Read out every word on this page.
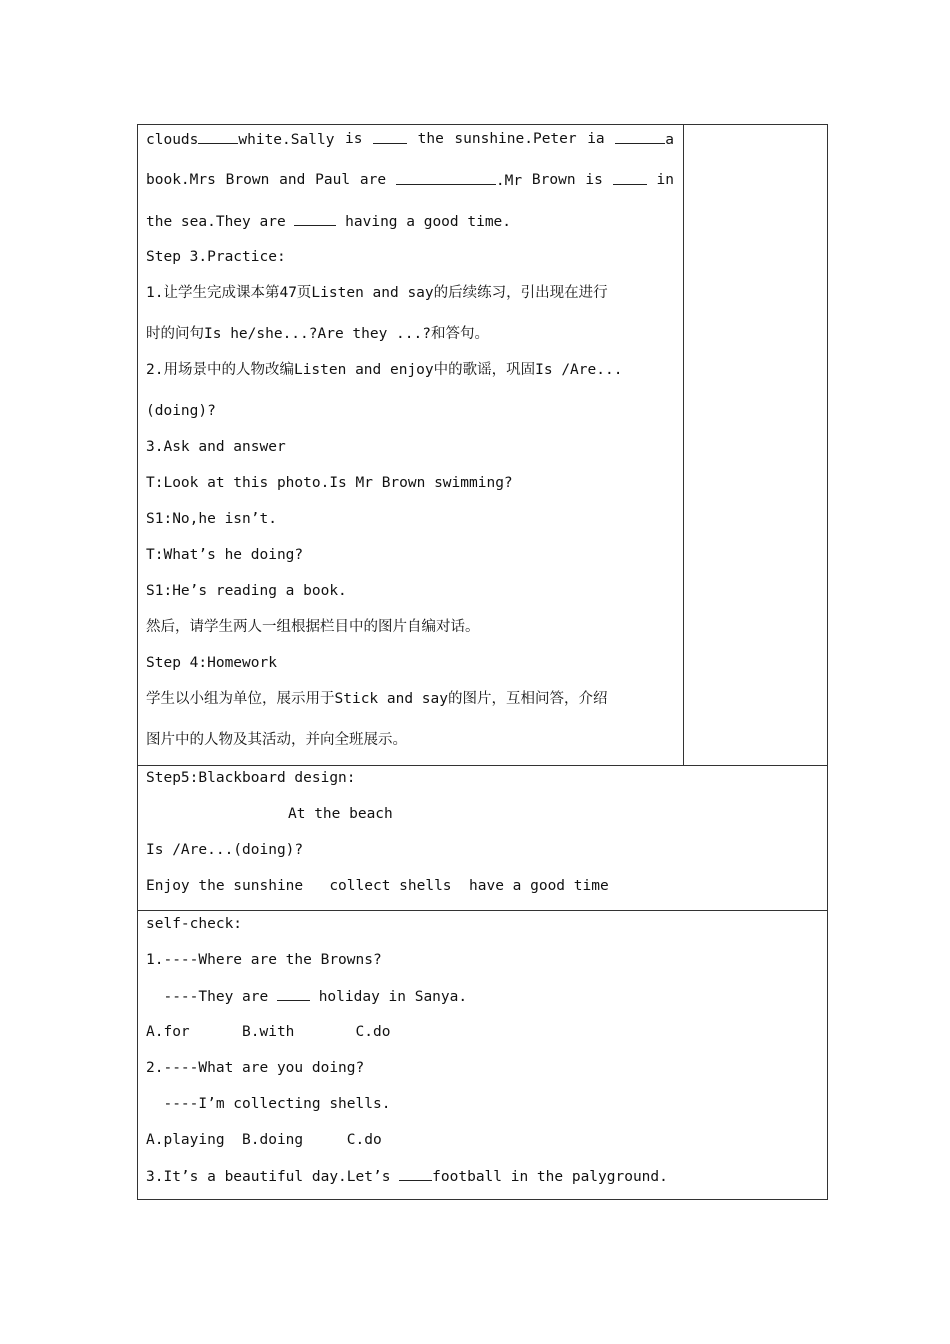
clouds	white.Sally is	the sunshine.Peter ia	a
book.Mrs Brown and Paul are	.Mr Brown is	in
the sea.They are	having a good time.
Step 3.Practice:
1.让学生完成课本第47页Listen and say的后续练习，引出现在进行
时的问句Is he/she...?Are they ...?和答句。
2.用场景中的人物改编Listen and enjoy中的歌谣，巩固Is /Are...
(doing)?
3.Ask and answer
T:Look at this photo.Is Mr Brown swimming?
S1:No,he isn’t.
T:What’s he doing?
S1:He’s reading a book.
然后，请学生两人一组根据栏目中的图片自编对话。
Step 4:Homework
学生以小组为单位，展示用于Stick and say的图片，互相问答，介绍
图片中的人物及其活动，并向全班展示。
Step5:Blackboard design:
At the beach
Is /Are...(doing)?
Enjoy the sunshine   collect shells  have a good time
self-check:
1.----Where are the Browns?
----They are	holiday in Sanya.
A.for      B.with       C.do
2.----What are you doing?
----I’m collecting shells.
A.playing  B.doing     C.do
3.It’s a beautiful day.Let’s	football in the palyground.
